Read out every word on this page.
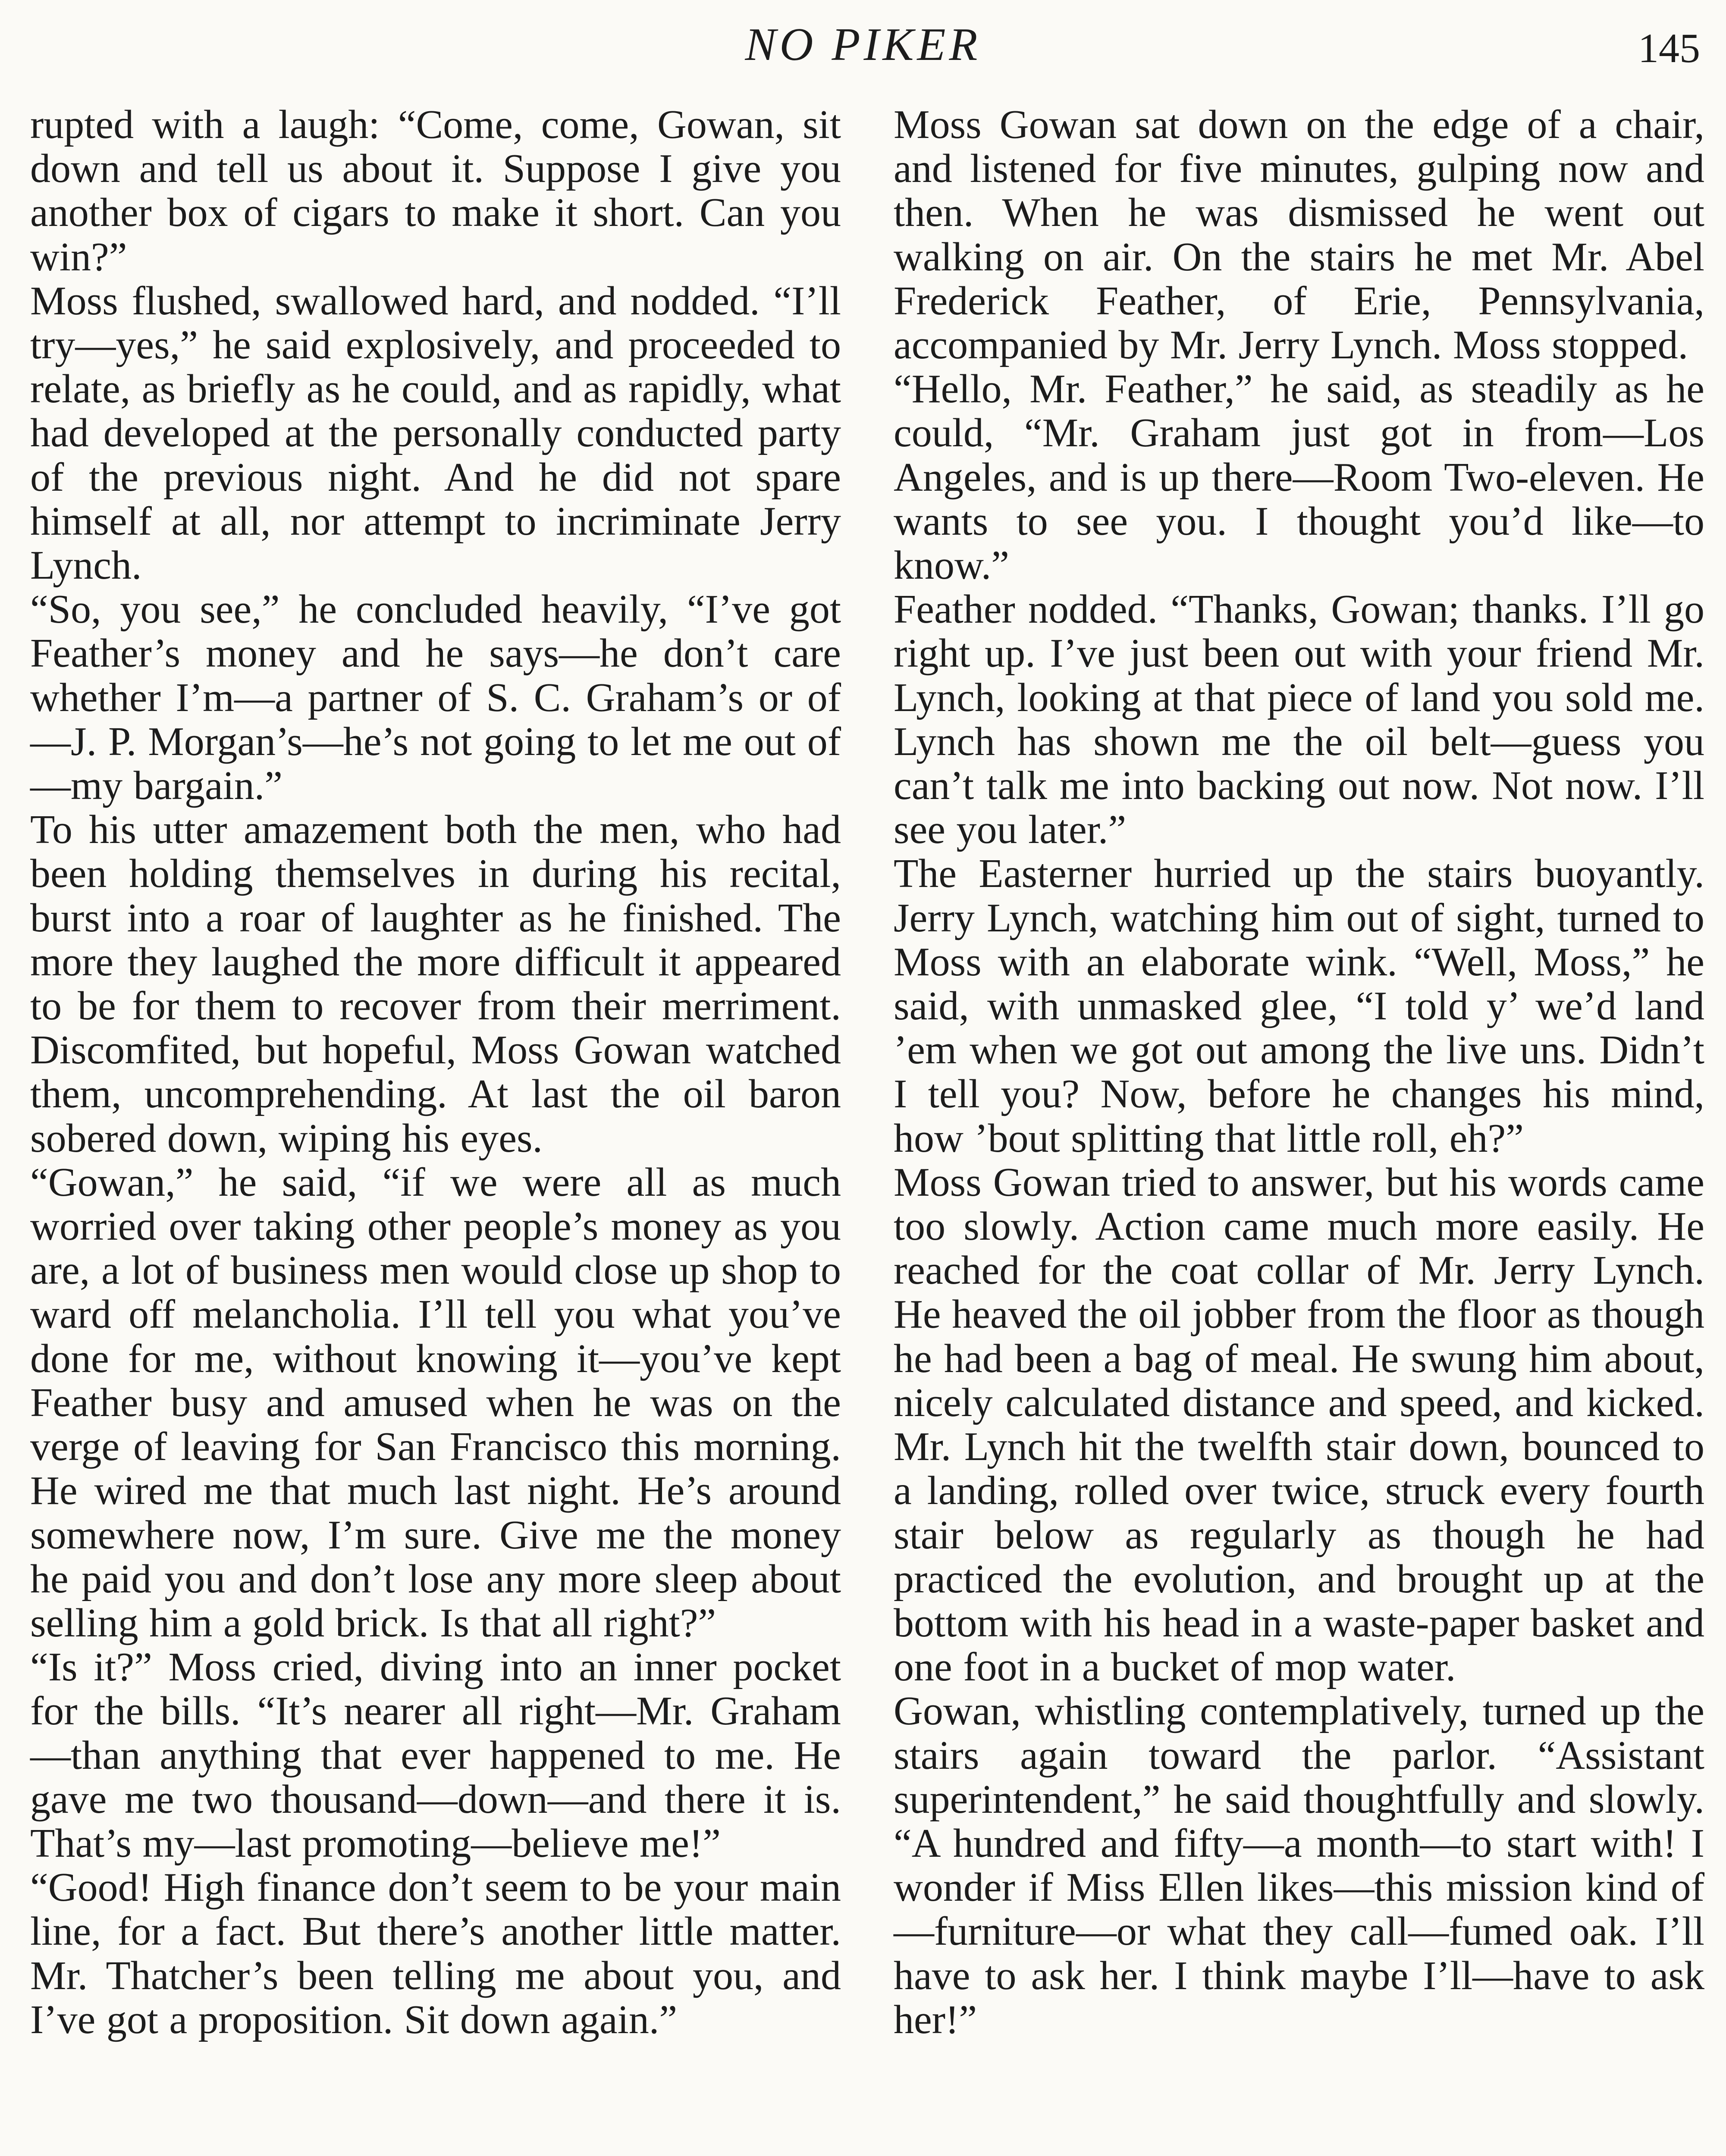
NO PIKER	145

rupted with a laugh: “Come, come, Gowan, sit down and tell us about it. Suppose I give you another box of cigars to make it short. Can you win?”

Moss flushed, swallowed hard, and nodded. “I’ll try—yes,” he said explosively, and proceeded to relate, as briefly as he could, and as rapidly, what had developed at the personally conducted party of the previous night. And he did not spare himself at all, nor attempt to incriminate Jerry Lynch.

“So, you see,” he concluded heavily, “I’ve got Feather’s money and he says—he don’t care whether I’m—a partner of S. C. Graham’s or of—J. P. Morgan’s—he’s not going to let me out of—my bargain.”

To his utter amazement both the men, who had been holding themselves in during his recital, burst into a roar of laughter as he finished. The more they laughed the more difficult it appeared to be for them to recover from their merriment. Discomfited, but hopeful, Moss Gowan watched them, uncomprehending. At last the oil baron sobered down, wiping his eyes.

“Gowan,” he said, “if we were all as much worried over taking other people’s money as you are, a lot of business men would close up shop to ward off melancholia. I’ll tell you what you’ve done for me, without knowing it—you’ve kept Feather busy and amused when he was on the verge of leaving for San Francisco this morning. He wired me that much last night. He’s around somewhere now, I’m sure. Give me the money he paid you and don’t lose any more sleep about selling him a gold brick. Is that all right?”

“Is it?” Moss cried, diving into an inner pocket for the bills. “It’s nearer all right—Mr. Graham—than anything that ever happened to me. He gave me two thousand—down—and there it is. That’s my—last promoting—believe me!”

“Good! High finance don’t seem to be your main line, for a fact. But there’s another little matter. Mr. Thatcher’s been telling me about you, and I’ve got a proposition. Sit down again.”

Moss Gowan sat down on the edge of a chair, and listened for five minutes, gulping now and then. When he was dismissed he went out walking on air. On the stairs he met Mr. Abel Frederick Feather, of Erie, Pennsylvania, accompanied by Mr. Jerry Lynch. Moss stopped.

“Hello, Mr. Feather,” he said, as steadily as he could, “Mr. Graham just got in from—Los Angeles, and is up there—Room Two-eleven. He wants to see you. I thought you’d like—to know.”

Feather nodded. “Thanks, Gowan; thanks. I’ll go right up. I’ve just been out with your friend Mr. Lynch, looking at that piece of land you sold me. Lynch has shown me the oil belt—guess you can’t talk me into backing out now. Not now. I’ll see you later.”

The Easterner hurried up the stairs buoyantly. Jerry Lynch, watching him out of sight, turned to Moss with an elaborate wink. “Well, Moss,” he said, with unmasked glee, “I told y’ we’d land ’em when we got out among the live uns. Didn’t I tell you? Now, before he changes his mind, how ’bout splitting that little roll, eh?”

Moss Gowan tried to answer, but his words came too slowly. Action came much more easily. He reached for the coat collar of Mr. Jerry Lynch. He heaved the oil jobber from the floor as though he had been a bag of meal. He swung him about, nicely calculated distance and speed, and kicked. Mr. Lynch hit the twelfth stair down, bounced to a landing, rolled over twice, struck every fourth stair below as regularly as though he had practiced the evolution, and brought up at the bottom with his head in a waste-paper basket and one foot in a bucket of mop water.

Gowan, whistling contemplatively, turned up the stairs again toward the parlor. “Assistant superintendent,” he said thoughtfully and slowly. “A hundred and fifty—a month—to start with! I wonder if Miss Ellen likes—this mission kind of—furniture—or what they call—fumed oak. I’ll have to ask her. I think maybe I’ll—have to ask her!”
